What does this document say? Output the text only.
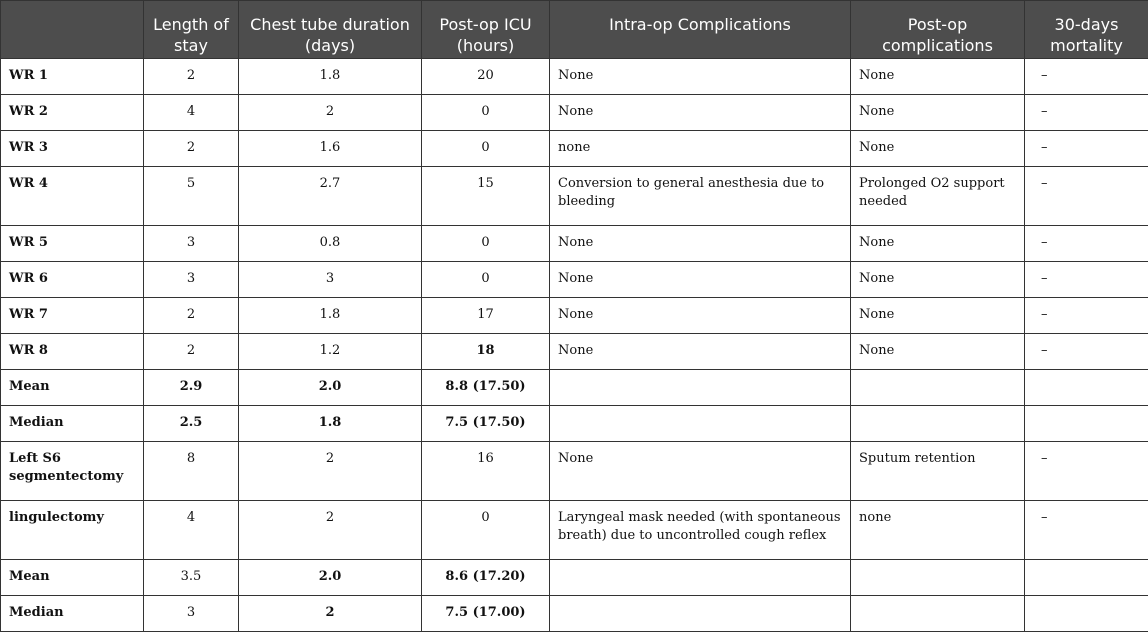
	Length of stay	Chest tube duration (days)	Post-op ICU (hours)	Intra-op Complications	Post-op complications	30-days mortality
WR 1	2	1.8	20	None	None	–
WR 2	4	2	0	None	None	–
WR 3	2	1.6	0	none	None	–
WR 4	5	2.7	15	Conversion to general anesthesia due to bleeding	Prolonged O2 support needed	–
WR 5	3	0.8	0	None	None	–
WR 6	3	3	0	None	None	–
WR 7	2	1.8	17	None	None	–
WR 8	2	1.2	18	None	None	–
Mean	2.9	2.0	8.8 (17.50)			
Median	2.5	1.8	7.5 (17.50)			
Left S6 segmentectomy	8	2	16	None	Sputum retention	–
lingulectomy	4	2	0	Laryngeal mask needed (with spontaneous breath) due to uncontrolled cough reflex	none	–
Mean	3.5	2.0	8.6 (17.20)			
Median	3	2	7.5 (17.00)			
